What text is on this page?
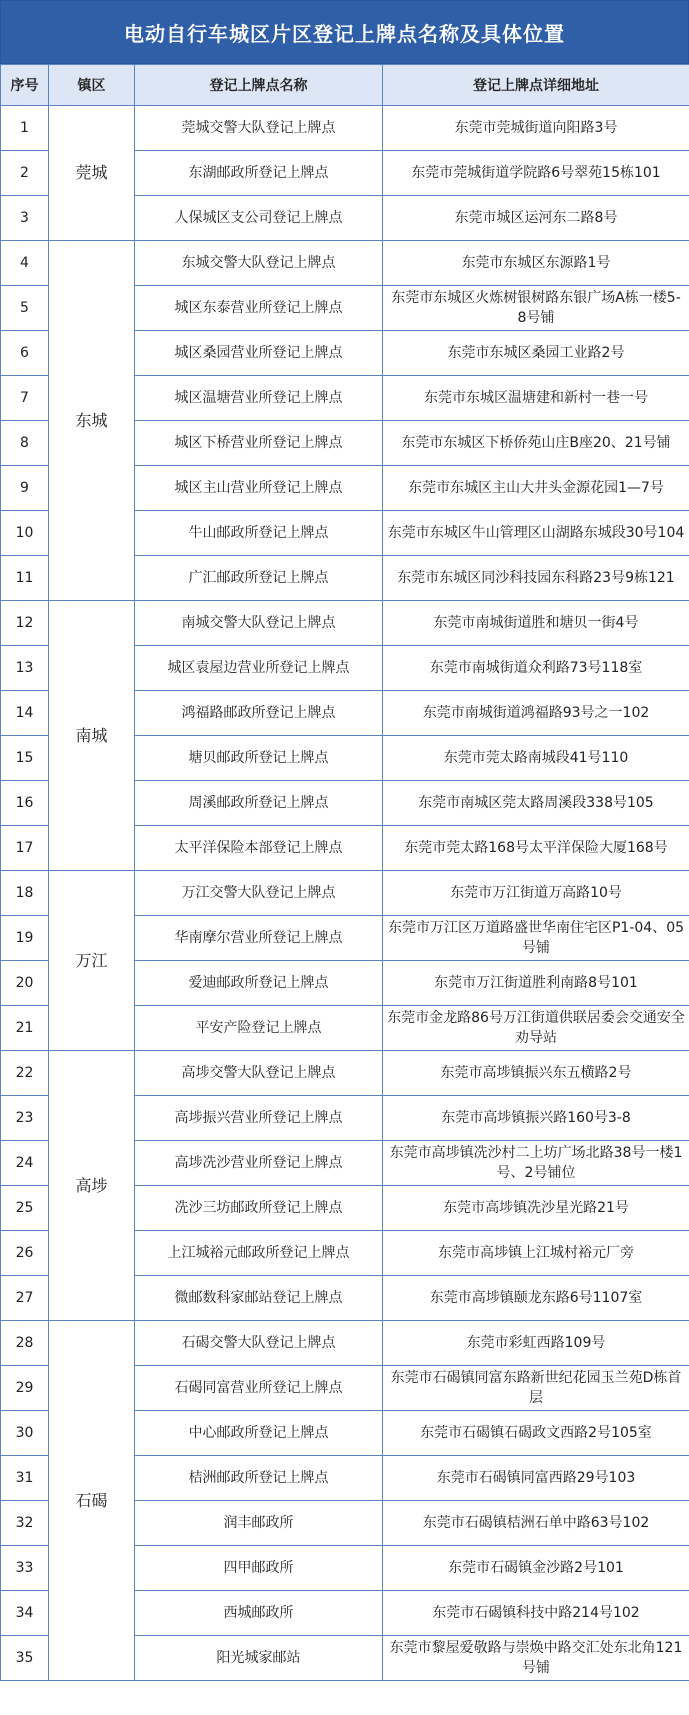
电动自行车城区片区登记上牌点名称及具体位置
序号	镇区	登记上牌点名称	登记上牌点详细地址
1	莞城	莞城交警大队登记上牌点	东莞市莞城街道向阳路3号
2		东湖邮政所登记上牌点	东莞市莞城街道学院路6号翠苑15栋101
3		人保城区支公司登记上牌点	东莞市城区运河东二路8号
4	东城	东城交警大队登记上牌点	东莞市东城区东源路1号
5		城区东泰营业所登记上牌点	东莞市东城区火炼树银树路东银广场A栋一楼5-8号铺
6		城区桑园营业所登记上牌点	东莞市东城区桑园工业路2号
7		城区温塘营业所登记上牌点	东莞市东城区温塘建和新村一巷一号
8		城区下桥营业所登记上牌点	东莞市东城区下桥侨苑山庄B座20、21号铺
9		城区主山营业所登记上牌点	东莞市东城区主山大井头金源花园1—7号
10		牛山邮政所登记上牌点	东莞市东城区牛山管理区山湖路东城段30号104
11		广汇邮政所登记上牌点	东莞市东城区同沙科技园东科路23号9栋121
12	南城	南城交警大队登记上牌点	东莞市南城街道胜和塘贝一街4号
13		城区袁屋边营业所登记上牌点	东莞市南城街道众利路73号118室
14		鸿福路邮政所登记上牌点	东莞市南城街道鸿福路93号之一102
15		塘贝邮政所登记上牌点	东莞市莞太路南城段41号110
16		周溪邮政所登记上牌点	东莞市南城区莞太路周溪段338号105
17		太平洋保险本部登记上牌点	东莞市莞太路168号太平洋保险大厦168号
18	万江	万江交警大队登记上牌点	东莞市万江街道万高路10号
19		华南摩尔营业所登记上牌点	东莞市万江区万道路盛世华南住宅区P1-04、05号铺
20		爱迪邮政所登记上牌点	东莞市万江街道胜利南路8号101
21		平安产险登记上牌点	东莞市金龙路86号万江街道供联居委会交通安全劝导站
22	高埗	高埗交警大队登记上牌点	东莞市高埗镇振兴东五横路2号
23		高埗振兴营业所登记上牌点	东莞市高埗镇振兴路160号3-8
24		高埗冼沙营业所登记上牌点	东莞市高埗镇冼沙村二上坊广场北路38号一楼1号、2号铺位
25		冼沙三坊邮政所登记上牌点	东莞市高埗镇冼沙星光路21号
26		上江城裕元邮政所登记上牌点	东莞市高埗镇上江城村裕元厂旁
27		微邮数科家邮站登记上牌点	东莞市高埗镇颐龙东路6号1107室
28	石碣	石碣交警大队登记上牌点	东莞市彩虹西路109号
29		石碣同富营业所登记上牌点	东莞市石碣镇同富东路新世纪花园玉兰苑D栋首层
30		中心邮政所登记上牌点	东莞市石碣镇石碣政文西路2号105室
31		桔洲邮政所登记上牌点	东莞市石碣镇同富西路29号103
32		润丰邮政所	东莞市石碣镇桔洲石单中路63号102
33		四甲邮政所	东莞市石碣镇金沙路2号101
34		西城邮政所	东莞市石碣镇科技中路214号102
35		阳光城家邮站	东莞市黎屋爱敬路与崇焕中路交汇处东北角121号铺
